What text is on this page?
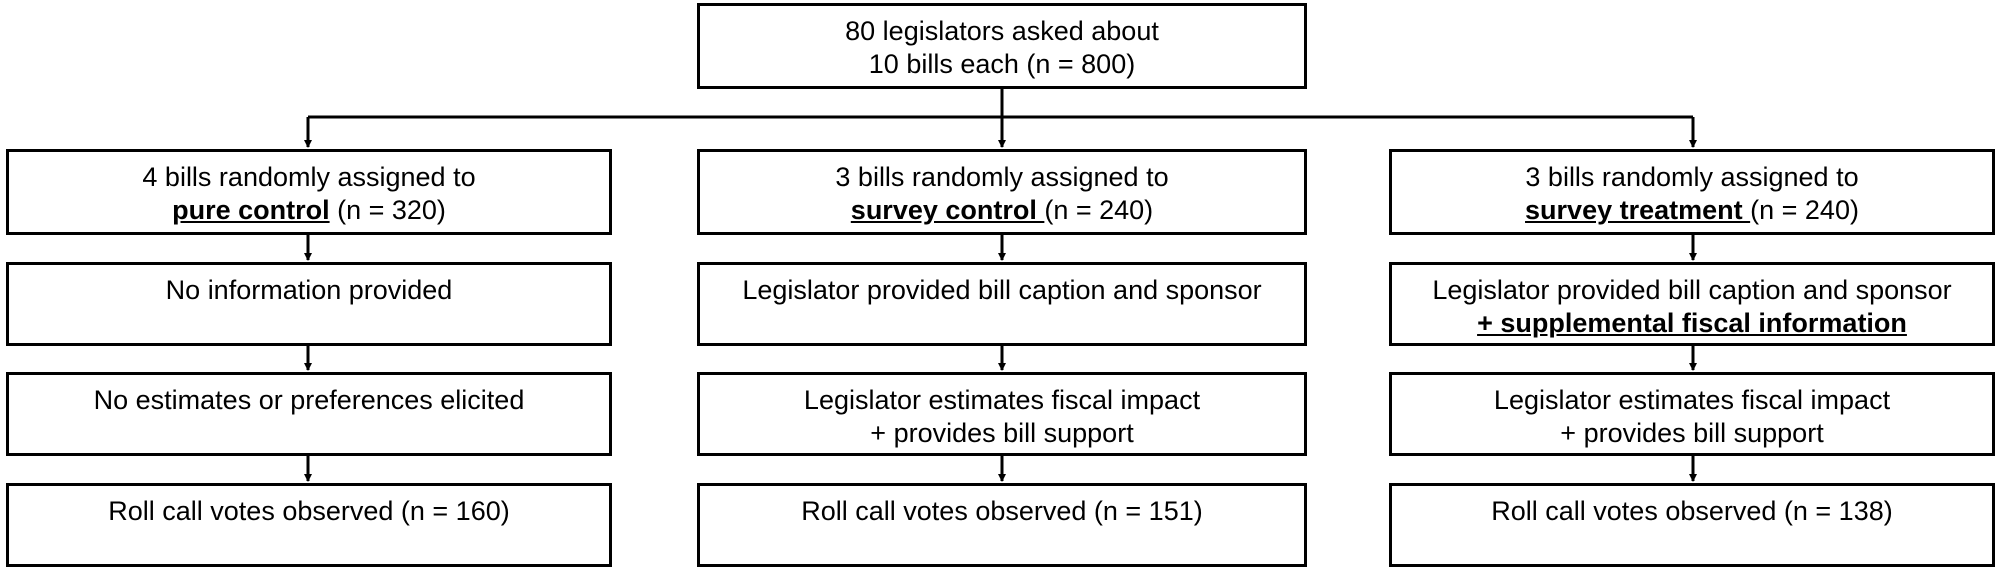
80 legislators asked about
10 bills each (n = 800)
4 bills randomly assigned to
pure control (n = 320)
No information provided
No estimates or preferences elicited
Roll call votes observed (n = 160)
3 bills randomly assigned to
survey control (n = 240)
Legislator provided bill caption and sponsor
Legislator estimates fiscal impact
+ provides bill support
Roll call votes observed (n = 151)
3 bills randomly assigned to
survey treatment (n = 240)
Legislator provided bill caption and sponsor
+ supplemental fiscal information
Legislator estimates fiscal impact
+ provides bill support
Roll call votes observed (n = 138)
